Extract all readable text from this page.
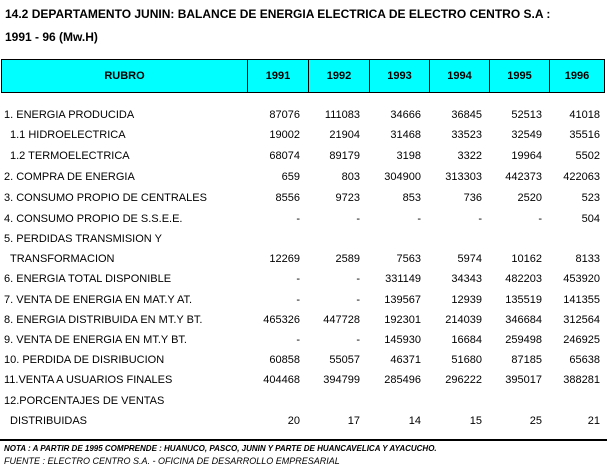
14.2 DEPARTAMENTO JUNIN: BALANCE DE ENERGIA ELECTRICA DE ELECTRO CENTRO S.A :
1991 - 96 (Mw.H)
RUBRO	1991	1992	1993	1994	1995	1996
1. ENERGIA PRODUCIDA	87076 111083	34666	36845	52513 41018
1.1 HIDROELECTRICA	19002	21904	31468	33523	32549 35516
1.2 TERMOELECTRICA	68074	89179	3198	3322	19964	5502
2. COMPRA DE ENERGIA	659	803 304900 313303 442373 422063
3. CONSUMO PROPIO DE CENTRALES	8556	9723	853	736	2520	523
4. CONSUMO PROPIO DE S.S.E.E.	-	-	-	-	-	504
5. PERDIDAS TRANSMISION Y
TRANSFORMACION	12269	2589	7563	5974	10162	8133
6. ENERGIA TOTAL DISPONIBLE	-	- 331149	34343 482203 453920
7. VENTA DE ENERGIA EN MAT.Y AT.	-	- 139567	12939 135519 141355
8. ENERGIA DISTRIBUIDA EN MT.Y BT.	465326 447728 192301 214039 346684 312564
9. VENTA DE ENERGIA EN MT.Y BT.	-	- 145930	16684 259498 246925
10. PERDIDA DE DISRIBUCION	60858	55057	46371	51680	87185 65638
11.VENTA A USUARIOS FINALES	404468 394799 285496 296222 395017 388281
12.PORCENTAJES DE VENTAS
DISTRIBUIDAS	20	17	14	15	25	21
NOTA : A PARTIR DE 1995 COMPRENDE : HUANUCO, PASCO, JUNIN Y PARTE DE HUANCAVELICA Y AYACUCHO.
FUENTE : ELECTRO CENTRO S.A. - OFICINA DE DESARROLLO EMPRESARIAL
